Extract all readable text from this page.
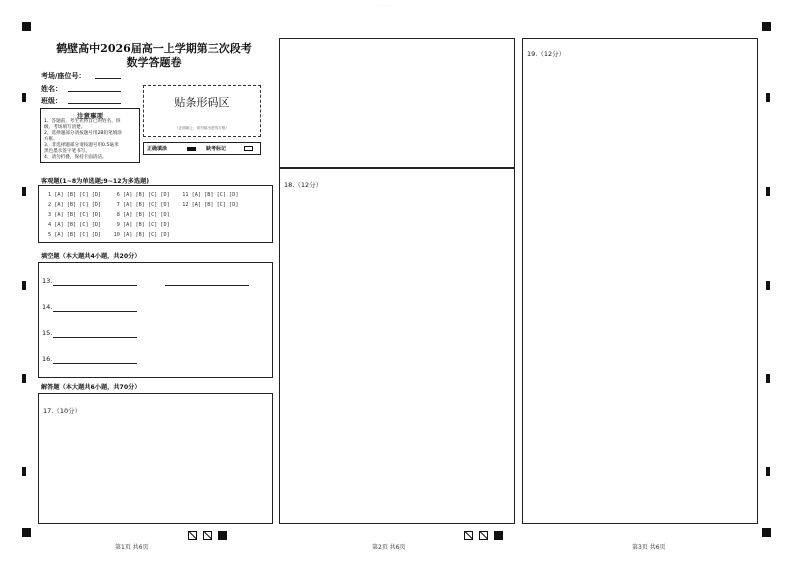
··· ··· ··· ···
鹤壁高中2026届高一上学期第三次段考
数学答题卷
考场/座位号：
姓名：
班级：	贴条形码区
（正面朝上，切勿贴出虚线方框）
注意事项
1、答题前，考生先将自己的姓名、班
级、考场填写清楚。
2、选择题部分请按题号用2B铅笔填涂
方框。
3、非选择题部分请按题号用0.5毫米
黑色墨水签字笔书写。
4、请勿折叠，保持卡面清洁。
正确填涂	缺考标记
客观题(1~8为单选题;9~12为多选题)
1 [A] [B] [C] [D]     6 [A] [B] [C] [D]    11 [A] [B] [C] [D]
2 [A] [B] [C] [D]     7 [A] [B] [C] [D]    12 [A] [B] [C] [D]
3 [A] [B] [C] [D]     8 [A] [B] [C] [D]
4 [A] [B] [C] [D]     9 [A] [B] [C] [D]
5 [A] [B] [C] [D]    10 [A] [B] [C] [D]
填空题（本大题共4小题，共20分）
13.
14.
15.
16.
解答题（本大题共6小题，共70分）
17.（10分）
第1页 共6页
18.（12分）
第2页 共6页
19.（12分）
第3页 共6页
